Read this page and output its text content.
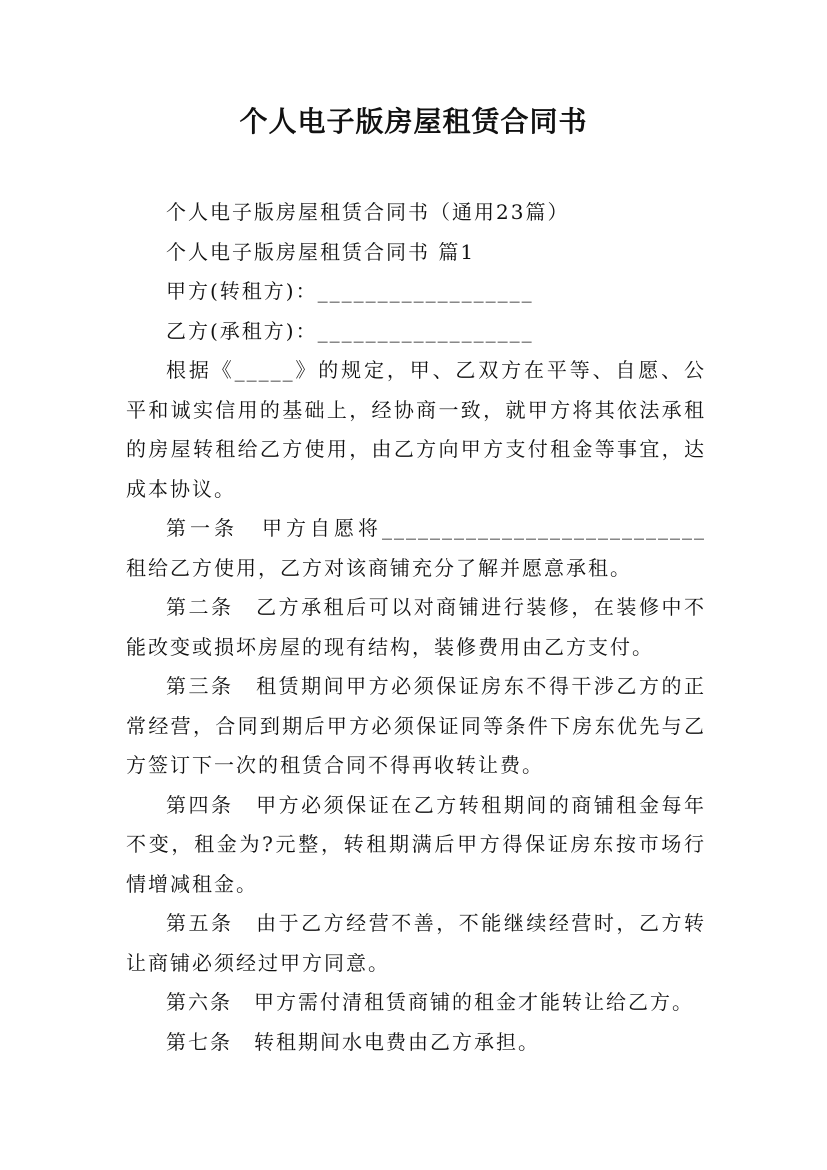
个人电子版房屋租赁合同书

个人电子版房屋租赁合同书（通用23篇）

个人电子版房屋租赁合同书 篇1

甲方(转租方)：__________________

乙方(承租方)：__________________

根据《_____》的规定，甲、乙双方在平等、自愿、公平和诚实信用的基础上，经协商一致，就甲方将其依法承租的房屋转租给乙方使用，由乙方向甲方支付租金等事宜，达成本协议。

第一条　甲方自愿将___________________________租给乙方使用，乙方对该商铺充分了解并愿意承租。

第二条　乙方承租后可以对商铺进行装修，在装修中不能改变或损坏房屋的现有结构，装修费用由乙方支付。

第三条　租赁期间甲方必须保证房东不得干涉乙方的正常经营，合同到期后甲方必须保证同等条件下房东优先与乙方签订下一次的租赁合同不得再收转让费。

第四条　甲方必须保证在乙方转租期间的商铺租金每年不变，租金为?元整，转租期满后甲方得保证房东按市场行情增减租金。

第五条　由于乙方经营不善，不能继续经营时，乙方转让商铺必须经过甲方同意。

第六条　甲方需付清租赁商铺的租金才能转让给乙方。

第七条　转租期间水电费由乙方承担。
